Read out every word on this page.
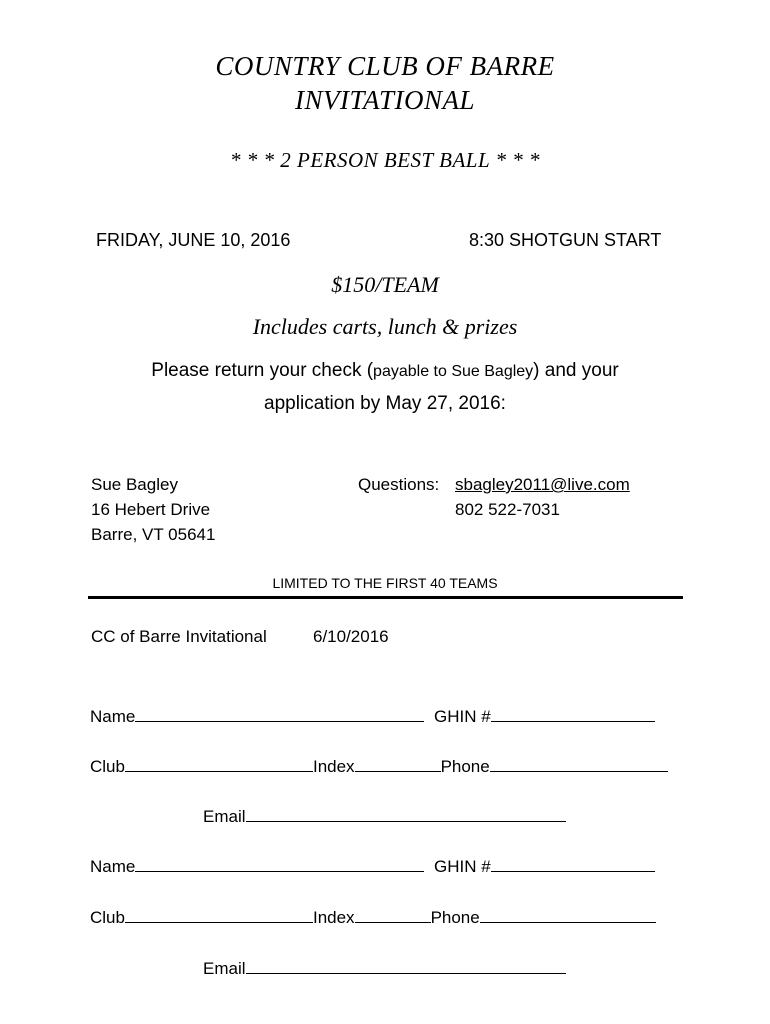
COUNTRY CLUB OF BARRE
INVITATIONAL
* * * 2 PERSON BEST BALL * * *
FRIDAY, JUNE 10, 2016	8:30 SHOTGUN START
$150/TEAM
Includes carts, lunch & prizes
Please return your check (payable to Sue Bagley) and your
application by May 27, 2016:
Sue Bagley
16 Hebert Drive
Barre, VT 05641
Questions: sbagley2011@live.com
802 522-7031
LIMITED TO THE FIRST 40 TEAMS
CC of Barre Invitational	6/10/2016
Name	GHIN #
Club	Index	Phone
Email
Name	GHIN #
Club	Index	Phone
Email
